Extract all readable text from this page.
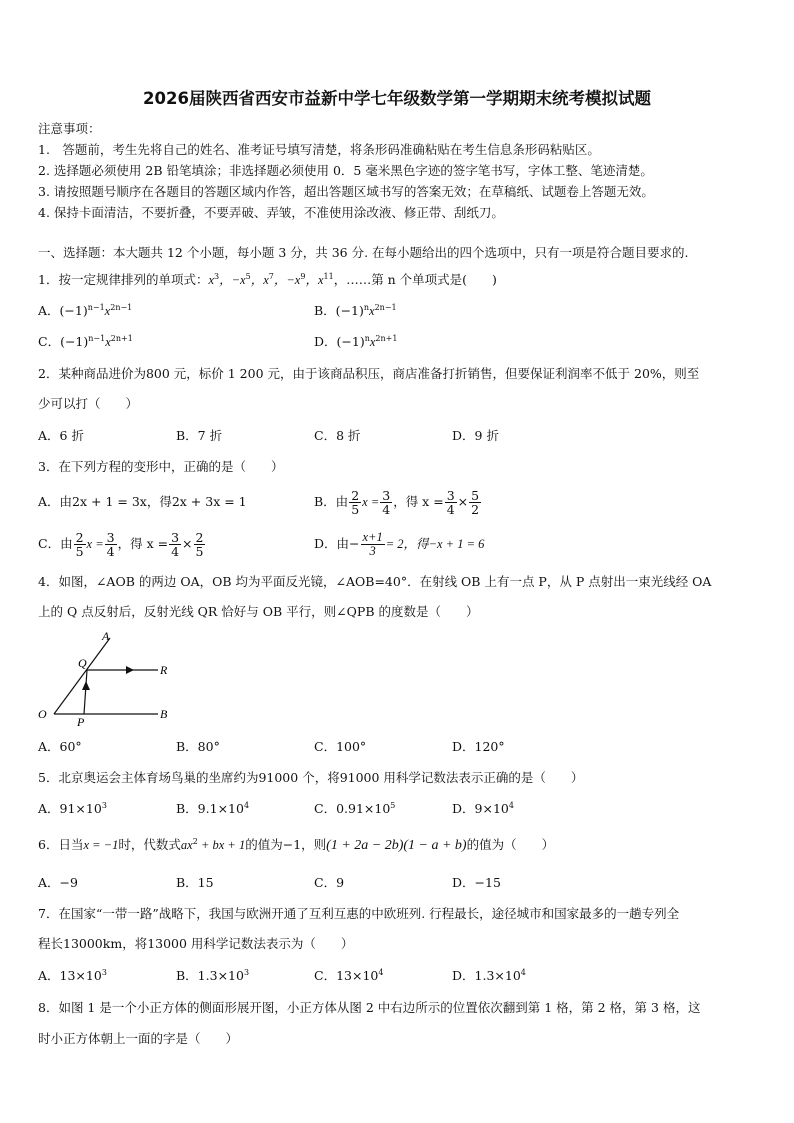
2026届陕西省西安市益新中学七年级数学第一学期期末统考模拟试题
注意事项：
1.　答题前，考生先将自己的姓名、准考证号填写清楚，将条形码准确粘贴在考生信息条形码粘贴区。
2. 选择题必须使用 2B 铅笔填涂；非选择题必须使用 0．5 毫米黑色字迹的签字笔书写，字体工整、笔迹清楚。
3. 请按照题号顺序在各题目的答题区域内作答，超出答题区域书写的答案无效；在草稿纸、试题卷上答题无效。
4. 保持卡面清洁，不要折叠，不要弄破、弄皱，不准使用涂改液、修正带、刮纸刀。
一、选择题：本大题共 12 个小题，每小题 3 分，共 36 分. 在每小题给出的四个选项中，只有一项是符合题目要求的.
1．按一定规律排列的单项式：$x^3$，$-x^5$，$x^7$，$-x^9$，$x^{11}$，……第 n 个单项式是(　　)
A．$(-1)^{n-1}x^{2n-1}$	B．$(-1)^nx^{2n-1}$
C．$(-1)^{n-1}x^{2n+1}$	D．$(-1)^nx^{2n+1}$
2．某种商品进价为800 元，标价 1 200 元，由于该商品积压，商店准备打折销售，但要保证利润率不低于 20%，则至
少可以打（　　）
A．6 折	B．7 折	C．8 折	D．9 折
3．在下列方程的变形中，正确的是（　　）
A．由2x + 1 = 3x，得2x + 3x = 1	B．由 $\frac{2}{5}$ $x = \frac{3}{4}$ ，得 $x = \frac{3}{4} \times \frac{5}{2}$
C．由 $\frac{2}{5}$ $x = \frac{3}{4}$ ，得 $x = \frac{3}{4} \times \frac{2}{5}$	D．由− $\frac{x+1}{3} = 2$，得−x + 1 = 6
4．如图，∠AOB 的两边 OA，OB 均为平面反光镜，∠AOB=40°．在射线 OB 上有一点 P，从 P 点射出一束光线经 OA
上的 Q 点反射后，反射光线 QR 恰好与 OB 平行，则∠QPB 的度数是（　　）
A
Q	R
O
P
B
A．60°	B．80°	C．100°	D．120°
5．北京奥运会主体育场鸟巢的坐席约为91000 个，将91000 用科学记数法表示正确的是（　　）
A．$91\times 10^3$	B．$9.1\times 10^4$	C．$0.91\times 10^5$	D．$9\times 10^4$
6．日当x = −1时，代数式$ax^2$ + bx + 1的值为−1，则(1 + 2a − 2b)(1 − a + b)的值为（　　）
A．−9	B．15	C．9	D．−15
7．在国家“一带一路”战略下，我国与欧洲开通了互利互惠的中欧班列. 行程最长，途径城市和国家最多的一趟专列全
程长13000km，将13000 用科学记数法表示为（　　）
A．$13\times 10^3$	B．$1.3\times 10^3$	C．$13\times 10^4$	D．$1.3\times 10^4$
8．如图 1 是一个小正方体的侧面形展开图，小正方体从图 2 中右边所示的位置依次翻到第 1 格，第 2 格，第 3 格，这
时小正方体朝上一面的字是（　　）
